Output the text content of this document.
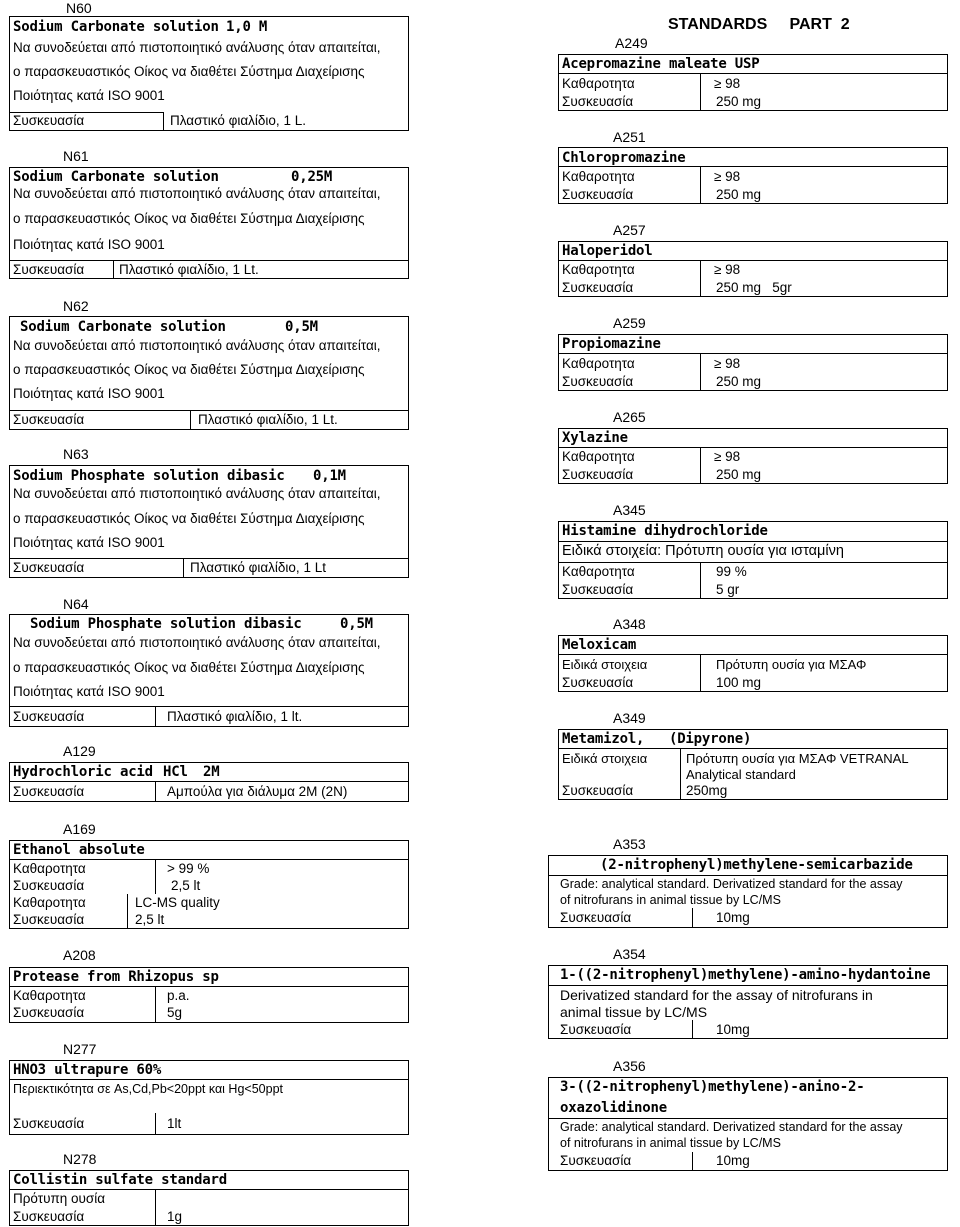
N60
Sodium Carbonate solution 1,0 M
Να συνοδεύεται από πιστοποιητικό ανάλυσης όταν απαιτείται,
ο παρασκευαστικός Οίκος να διαθέτει Σύστημα Διαχείρισης
Ποιότητας κατά ISO 9001
Συσκευασία	Πλαστικό φιαλίδιο, 1 L.
N61
Sodium Carbonate solution	0,25M
Να συνοδεύεται από πιστοποιητικό ανάλυσης όταν απαιτείται,
ο παρασκευαστικός Οίκος να διαθέτει Σύστημα Διαχείρισης
Ποιότητας κατά ISO 9001
Συσκευασία	Πλαστικό φιαλίδιο, 1 Lt.
N62
Sodium Carbonate solution	0,5M
Να συνοδεύεται από πιστοποιητικό ανάλυσης όταν απαιτείται,
ο παρασκευαστικός Οίκος να διαθέτει Σύστημα Διαχείρισης
Ποιότητας κατά ISO 9001
Συσκευασία	Πλαστικό φιαλίδιο, 1 Lt.
N63
Sodium Phosphate solution dibasic 0,1M
Να συνοδεύεται από πιστοποιητικό ανάλυσης όταν απαιτείται,
ο παρασκευαστικός Οίκος να διαθέτει Σύστημα Διαχείρισης
Ποιότητας κατά ISO 9001
Συσκευασία	Πλαστικό φιαλίδιο, 1 Lt
N64
Sodium Phosphate solution dibasic	0,5M
Να συνοδεύεται από πιστοποιητικό ανάλυσης όταν απαιτείται,
ο παρασκευαστικός Οίκος να διαθέτει Σύστημα Διαχείρισης
Ποιότητας κατά ISO 9001
Συσκευασία	Πλαστικό φιαλίδιο, 1 lt.
A129
Hydrochloric acid HCl 2M
Συσκευασία	Αμπούλα για διάλυμα 2M (2N)
A169
Ethanol absolute
Καθαροτητα	> 99 %
Συσκευασία	2,5 lt
Καθαροτητα	LC-MS quality
Συσκευασία	2,5 lt
A208
Protease from Rhizopus sp
Καθαροτητα	p.a.
Συσκευασία	5g
N277
HNO3 ultrapure 60%
Περιεκτικότητα σε As,Cd,Pb<20ppt και Hg<50ppt
Συσκευασία	1lt
N278
Collistin sulfate standard
Πρότυπη ουσία
Συσκευασία	1g
STANDARDS     PART  2
A249
Acepromazine maleate USP
Καθαροτητα	≥ 98
Συσκευασία	250 mg
A251
Chloropromazine
Καθαροτητα	≥ 98
Συσκευασία	250 mg
A257
Haloperidol
Καθαροτητα	≥ 98
Συσκευασία	250 mg   5gr
A259
Propiomazine
Καθαροτητα	≥ 98
Συσκευασία	250 mg
A265
Xylazine
Καθαροτητα	≥ 98
Συσκευασία	250 mg
A345
Histamine dihydrochloride
Ειδικά στοιχεία: Πρότυπη ουσία για ισταμίνη
Καθαροτητα	99 %
Συσκευασία	5 gr
A348
Meloxicam
Ειδικά στοιχεια	Πρότυπη ουσία για ΜΣΑΦ
Συσκευασία	100 mg
A349
Metamizol,   (Dipyrone)
Ειδικά στοιχεια	Πρότυπη ουσία για ΜΣΑΦ VETRANAL
Analytical standard
Συσκευασία	250mg
A353
(2-nitrophenyl)methylene-semicarbazide
Grade: analytical standard. Derivatized standard for the assay
of nitrofurans in animal tissue by LC/MS
Συσκευασία	10mg
A354
1-((2-nitrophenyl)methylene)-amino-hydantoine
Derivatized standard for the assay of nitrofurans in
animal tissue by LC/MS
Συσκευασία	10mg
A356
3-((2-nitrophenyl)methylene)-anino-2-
oxazolidinone
Grade: analytical standard. Derivatized standard for the assay
of nitrofurans in animal tissue by LC/MS
Συσκευασία	10mg
